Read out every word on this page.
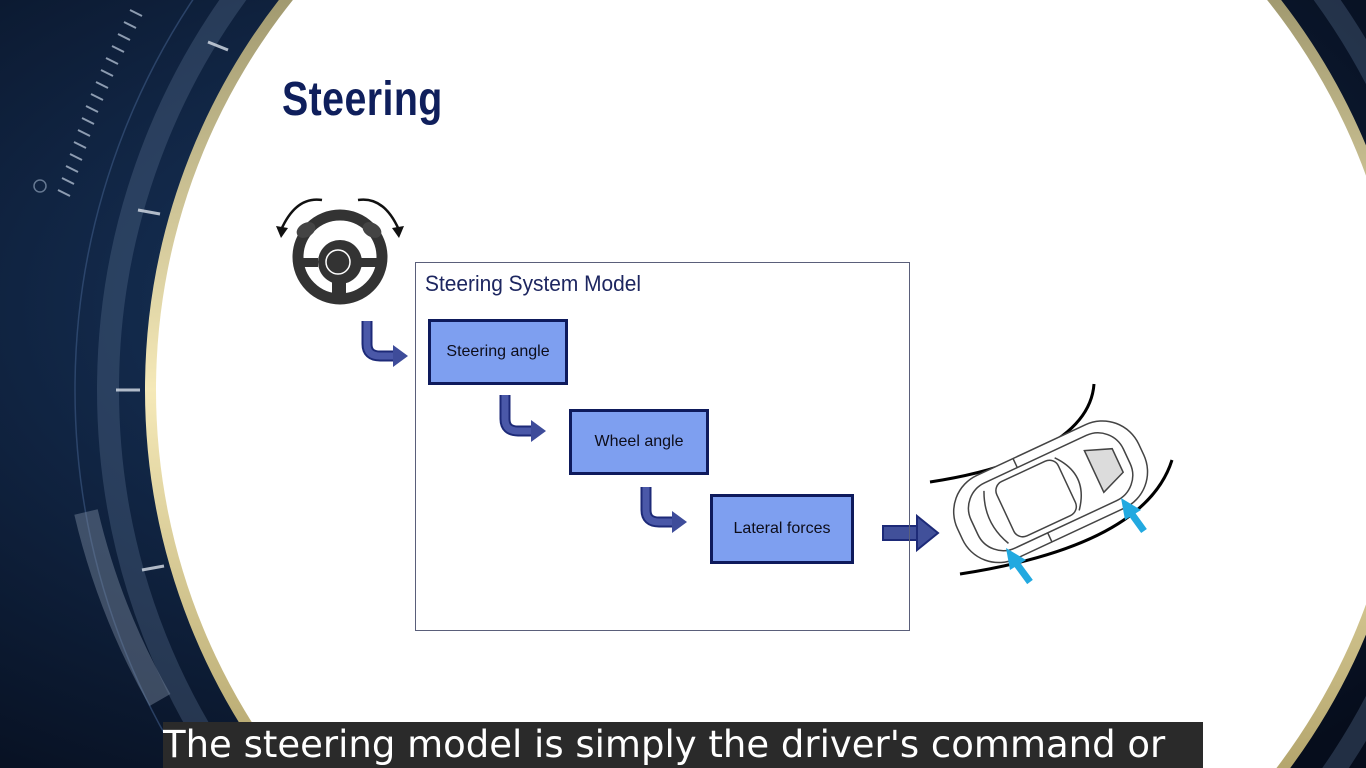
Steering
Steering System Model
Steering angle
Wheel angle
Lateral forces
The steering model is simply the driver's command or
